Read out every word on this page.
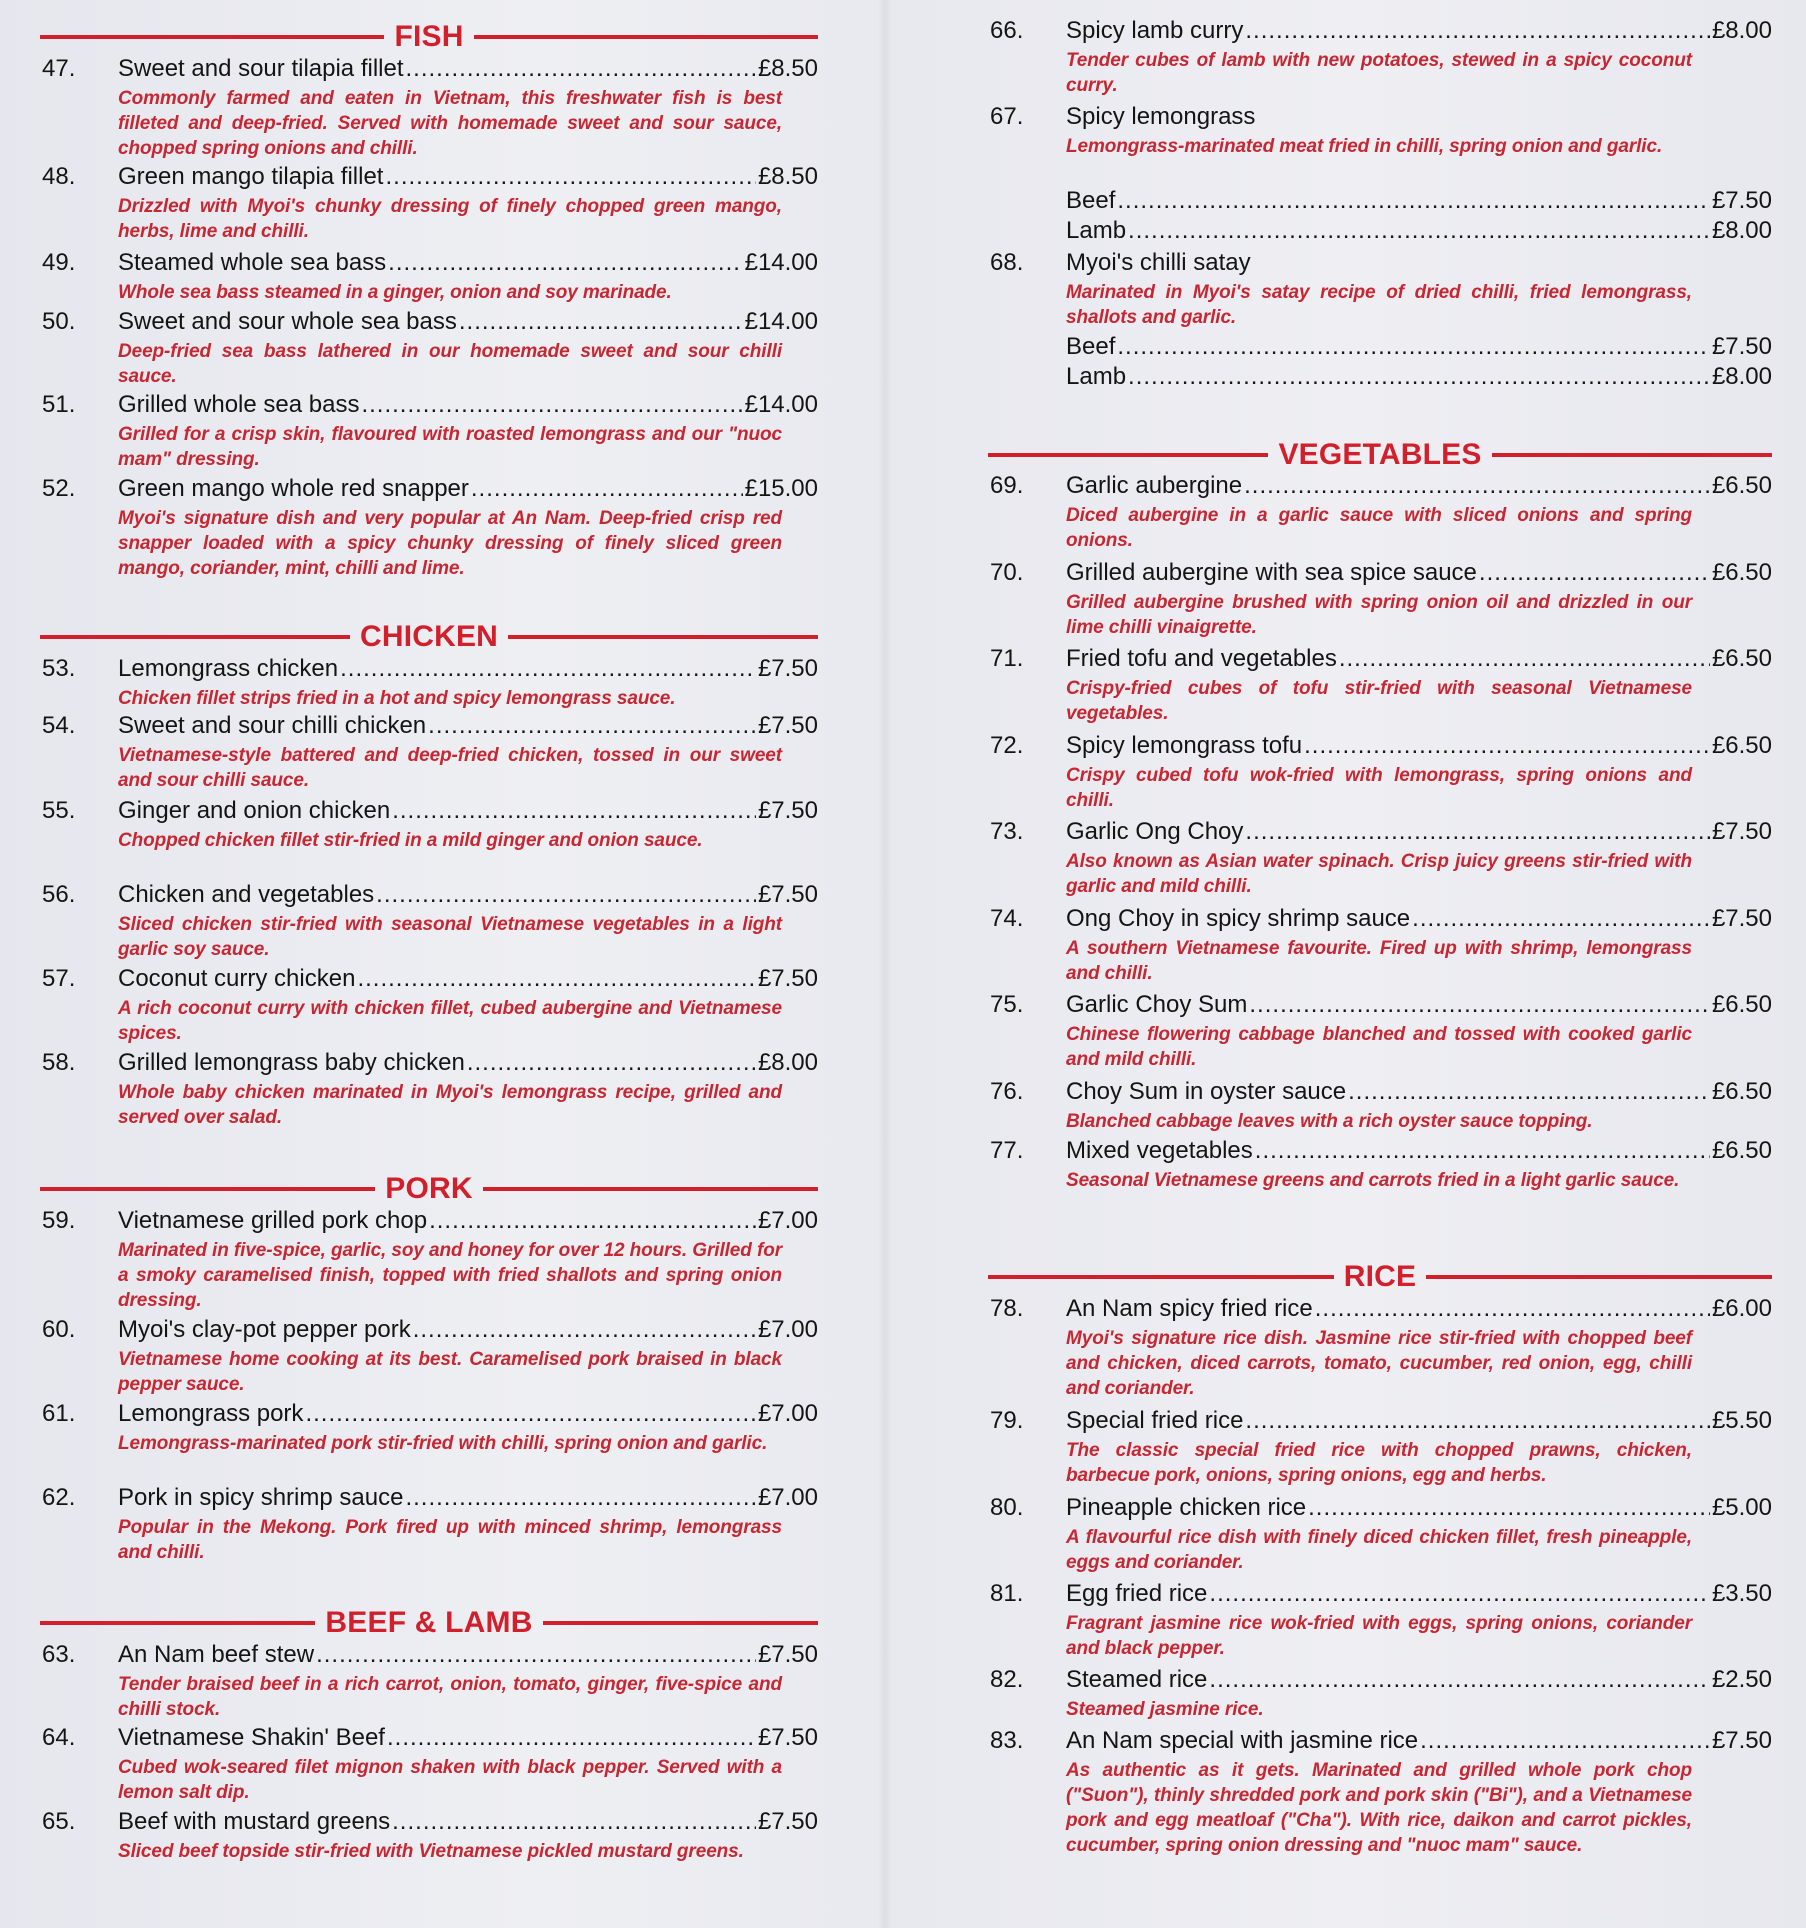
FISH
47. Sweet and sour tilapia fillet .....	£8.50
Commonly farmed and eaten in Vietnam, this freshwater fish is best filleted and deep-fried. Served with homemade sweet and sour sauce, chopped spring onions and chilli.
48. Green mango tilapia fillet .....	£8.50
Drizzled with Myoi's chunky dressing of finely chopped green mango, herbs, lime and chilli.
49. Steamed whole sea bass .....	£14.00
Whole sea bass steamed in a ginger, onion and soy marinade.
50. Sweet and sour whole sea bass .....	£14.00
Deep-fried sea bass lathered in our homemade sweet and sour chilli sauce.
51. Grilled whole sea bass .....	£14.00
Grilled for a crisp skin, flavoured with roasted lemongrass and our "nuoc mam" dressing.
52. Green mango whole red snapper .....	£15.00
Myoi's signature dish and very popular at An Nam. Deep-fried crisp red snapper loaded with a spicy chunky dressing of finely sliced green mango, coriander, mint, chilli and lime.
CHICKEN
53. Lemongrass chicken .....	£7.50
Chicken fillet strips fried in a hot and spicy lemongrass sauce.
54. Sweet and sour chilli chicken .....	£7.50
Vietnamese-style battered and deep-fried chicken, tossed in our sweet and sour chilli sauce.
55. Ginger and onion chicken .....	£7.50
Chopped chicken fillet stir-fried in a mild ginger and onion sauce.
56. Chicken and vegetables .....	£7.50
Sliced chicken stir-fried with seasonal Vietnamese vegetables in a light garlic soy sauce.
57. Coconut curry chicken .....	£7.50
A rich coconut curry with chicken fillet, cubed aubergine and Vietnamese spices.
58. Grilled lemongrass baby chicken .....	£8.00
Whole baby chicken marinated in Myoi's lemongrass recipe, grilled and served over salad.
PORK
59. Vietnamese grilled pork chop .....	£7.00
Marinated in five-spice, garlic, soy and honey for over 12 hours. Grilled for a smoky caramelised finish, topped with fried shallots and spring onion dressing.
60. Myoi's clay-pot pepper pork .....	£7.00
Vietnamese home cooking at its best. Caramelised pork braised in black pepper sauce.
61. Lemongrass pork .....	£7.00
Lemongrass-marinated pork stir-fried with chilli, spring onion and garlic.
62. Pork in spicy shrimp sauce .....	£7.00
Popular in the Mekong. Pork fired up with minced shrimp, lemongrass and chilli.
BEEF & LAMB
63. An Nam beef stew .....	£7.50
Tender braised beef in a rich carrot, onion, tomato, ginger, five-spice and chilli stock.
64. Vietnamese Shakin' Beef .....	£7.50
Cubed wok-seared filet mignon shaken with black pepper. Served with a lemon salt dip.
65. Beef with mustard greens .....	£7.50
Sliced beef topside stir-fried with Vietnamese pickled mustard greens.
66. Spicy lamb curry .....	£8.00
Tender cubes of lamb with new potatoes, stewed in a spicy coconut curry.
67. Spicy lemongrass
Lemongrass-marinated meat fried in chilli, spring onion and garlic.
Beef .....	£7.50
Lamb .....	£8.00
68. Myoi's chilli satay
Marinated in Myoi's satay recipe of dried chilli, fried lemongrass, shallots and garlic.
Beef .....	£7.50
Lamb .....	£8.00
VEGETABLES
69. Garlic aubergine .....	£6.50
Diced aubergine in a garlic sauce with sliced onions and spring onions.
70. Grilled aubergine with sea spice sauce .....	£6.50
Grilled aubergine brushed with spring onion oil and drizzled in our lime chilli vinaigrette.
71. Fried tofu and vegetables .....	£6.50
Crispy-fried cubes of tofu stir-fried with seasonal Vietnamese vegetables.
72. Spicy lemongrass tofu .....	£6.50
Crispy cubed tofu wok-fried with lemongrass, spring onions and chilli.
73. Garlic Ong Choy .....	£7.50
Also known as Asian water spinach. Crisp juicy greens stir-fried with garlic and mild chilli.
74. Ong Choy in spicy shrimp sauce .....	£7.50
A southern Vietnamese favourite. Fired up with shrimp, lemongrass and chilli.
75. Garlic Choy Sum .....	£6.50
Chinese flowering cabbage blanched and tossed with cooked garlic and mild chilli.
76. Choy Sum in oyster sauce .....	£6.50
Blanched cabbage leaves with a rich oyster sauce topping.
77. Mixed vegetables .....	£6.50
Seasonal Vietnamese greens and carrots fried in a light garlic sauce.
RICE
78. An Nam spicy fried rice .....	£6.00
Myoi's signature rice dish. Jasmine rice stir-fried with chopped beef and chicken, diced carrots, tomato, cucumber, red onion, egg, chilli and coriander.
79. Special fried rice .....	£5.50
The classic special fried rice with chopped prawns, chicken, barbecue pork, onions, spring onions, egg and herbs.
80. Pineapple chicken rice .....	£5.00
A flavourful rice dish with finely diced chicken fillet, fresh pineapple, eggs and coriander.
81. Egg fried rice .....	£3.50
Fragrant jasmine rice wok-fried with eggs, spring onions, coriander and black pepper.
82. Steamed rice .....	£2.50
Steamed jasmine rice.
83. An Nam special with jasmine rice .....	£7.50
As authentic as it gets. Marinated and grilled whole pork chop ("Suon"), thinly shredded pork and pork skin ("Bi"), and a Vietnamese pork and egg meatloaf ("Cha"). With rice, daikon and carrot pickles, cucumber, spring onion dressing and "nuoc mam" sauce.
